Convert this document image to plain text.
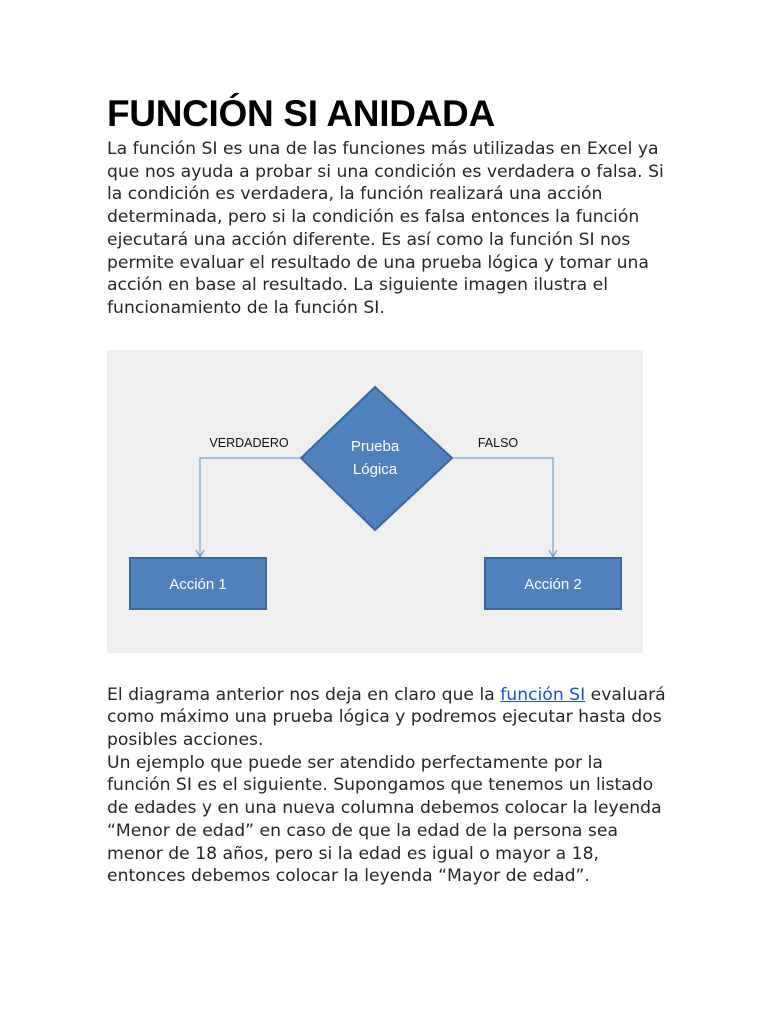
FUNCIÓN SI ANIDADA

La función SI es una de las funciones más utilizadas en Excel ya que nos ayuda a probar si una condición es verdadera o falsa. Si la condición es verdadera, la función realizará una acción determinada, pero si la condición es falsa entonces la función ejecutará una acción diferente. Es así como la función SI nos permite evaluar el resultado de una prueba lógica y tomar una acción en base al resultado. La siguiente imagen ilustra el funcionamiento de la función SI.

Prueba
Lógica
VERDADERO	FALSO
Acción 1	Acción 2

El diagrama anterior nos deja en claro que la función SI evaluará como máximo una prueba lógica y podremos ejecutar hasta dos posibles acciones.

Un ejemplo que puede ser atendido perfectamente por la función SI es el siguiente. Supongamos que tenemos un listado de edades y en una nueva columna debemos colocar la leyenda “Menor de edad” en caso de que la edad de la persona sea menor de 18 años, pero si la edad es igual o mayor a 18, entonces debemos colocar la leyenda “Mayor de edad”.
